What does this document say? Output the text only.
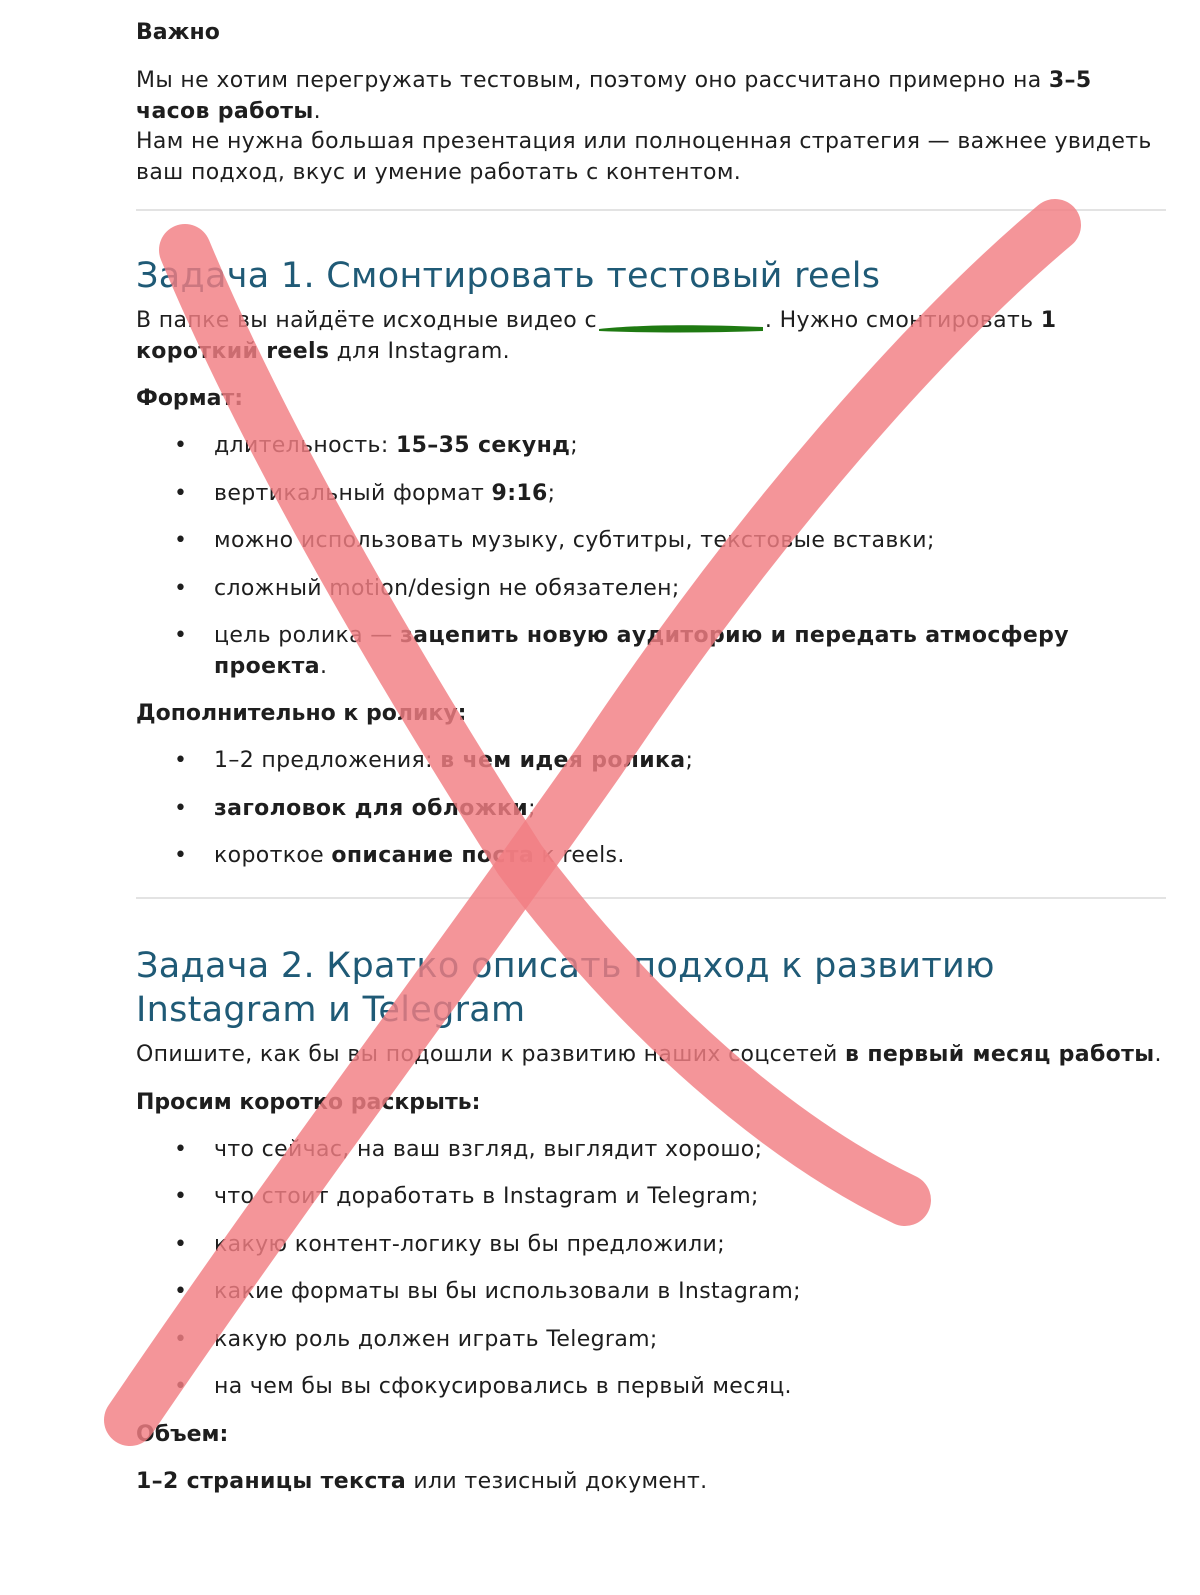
Важно

Мы не хотим перегружать тестовым, поэтому оно рассчитано примерно на 3–5 часов работы.

Нам не нужна большая презентация или полноценная стратегия — важнее увидеть ваш подход, вкус и умение работать с контентом.

Задача 1. Смонтировать тестовый reels

В папке вы найдёте исходные видео с	. Нужно смонтировать 1 короткий reels для Instagram.

Формат:

• длительность: 15–35 секунд;
• вертикальный формат 9:16;
• можно использовать музыку, субтитры, текстовые вставки;
• сложный motion/design не обязателен;
• цель ролика — зацепить новую аудиторию и передать атмосферу проекта.

Дополнительно к ролику:

• 1–2 предложения: в чем идея ролика;
• заголовок для обложки;
• короткое описание поста к reels.
Задача 2. Кратко описать подход к развитию Instagram и Telegram

Опишите, как бы вы подошли к развитию наших соцсетей в первый месяц работы.

Просим коротко раскрыть:

• что сейчас, на ваш взгляд, выглядит хорошо;
• что стоит доработать в Instagram и Telegram;
• какую контент-логику вы бы предложили;
• какие форматы вы бы использовали в Instagram;
• какую роль должен играть Telegram;
• на чем бы вы сфокусировались в первый месяц.

Объем:

1–2 страницы текста или тезисный документ.
